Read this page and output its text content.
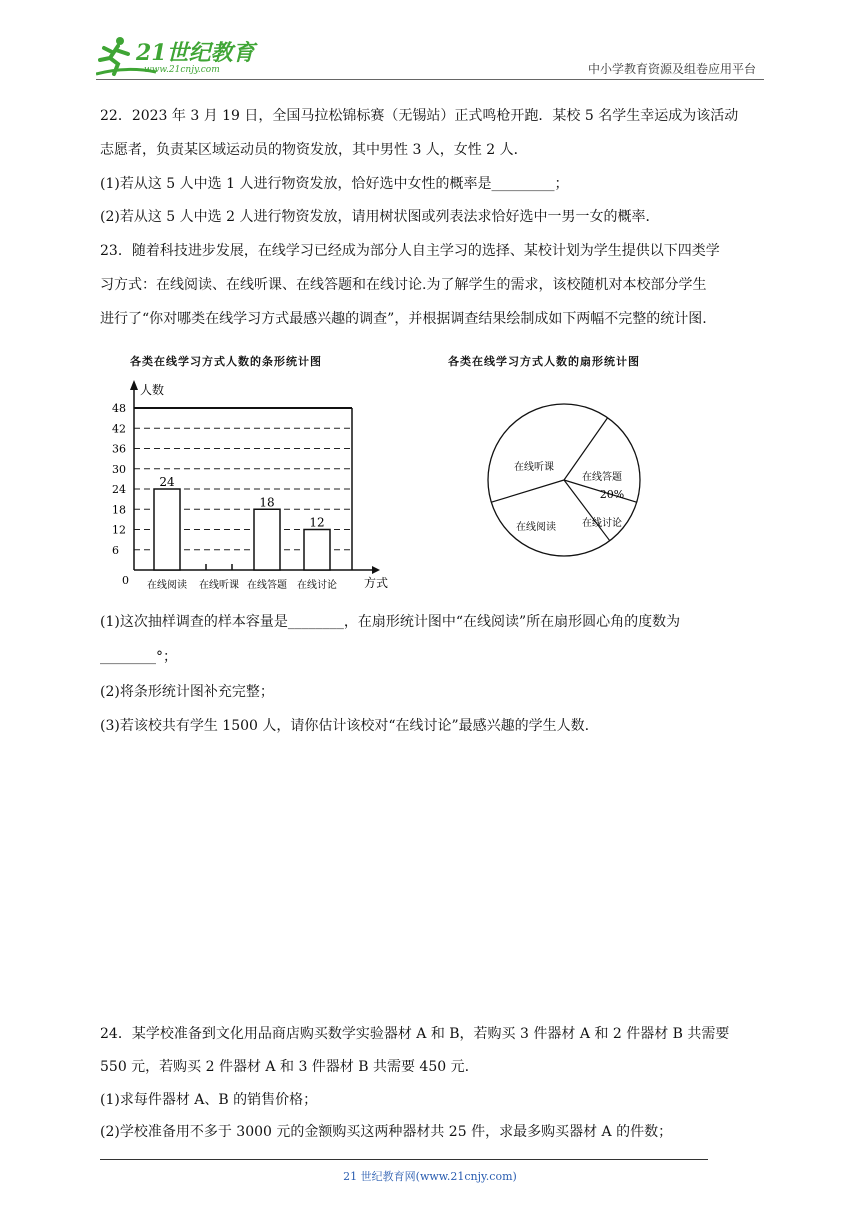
21世纪教育
www.21cnjy.com	中小学教育资源及组卷应用平台
22．2023 年 3 月 19 日，全国马拉松锦标赛（无锡站）正式鸣枪开跑．某校 5 名学生幸运成为该活动
志愿者，负责某区域运动员的物资发放，其中男性 3 人，女性 2 人．
(1)若从这 5 人中选 1 人进行物资发放，恰好选中女性的概率是_________；
(2)若从这 5 人中选 2 人进行物资发放，请用树状图或列表法求恰好选中一男一女的概率．
23．随着科技进步发展，在线学习已经成为部分人自主学习的选择、某校计划为学生提供以下四类学
习方式：在线阅读、在线听课、在线答题和在线讨论.为了解学生的需求，该校随机对本校部分学生
进行了“你对哪类在线学习方式最感兴趣的调查”，并根据调查结果绘制成如下两幅不完整的统计图.
各类在线学习方式人数的条形统计图
0
6
12
18
24
30
36
42
48
人数
方式
在线阅读
24
在线听课 在线答题
18
在线讨论
12
各类在线学习方式人数的扇形统计图
在线听课
在线答题
20%
在线讨论
在线阅读
(1)这次抽样调查的样本容量是________，在扇形统计图中“在线阅读”所在扇形圆心角的度数为
________°；
(2)将条形统计图补充完整；
(3)若该校共有学生 1500 人，请你估计该校对“在线讨论”最感兴趣的学生人数.
24．某学校准备到文化用品商店购买数学实验器材 A 和 B，若购买 3 件器材 A 和 2 件器材 B 共需要
550 元，若购买 2 件器材 A 和 3 件器材 B 共需要 450 元.
(1)求每件器材 A、B 的销售价格；
(2)学校准备用不多于 3000 元的金额购买这两种器材共 25 件，求最多购买器材 A 的件数；
21 世纪教育网(www.21cnjy.com)
